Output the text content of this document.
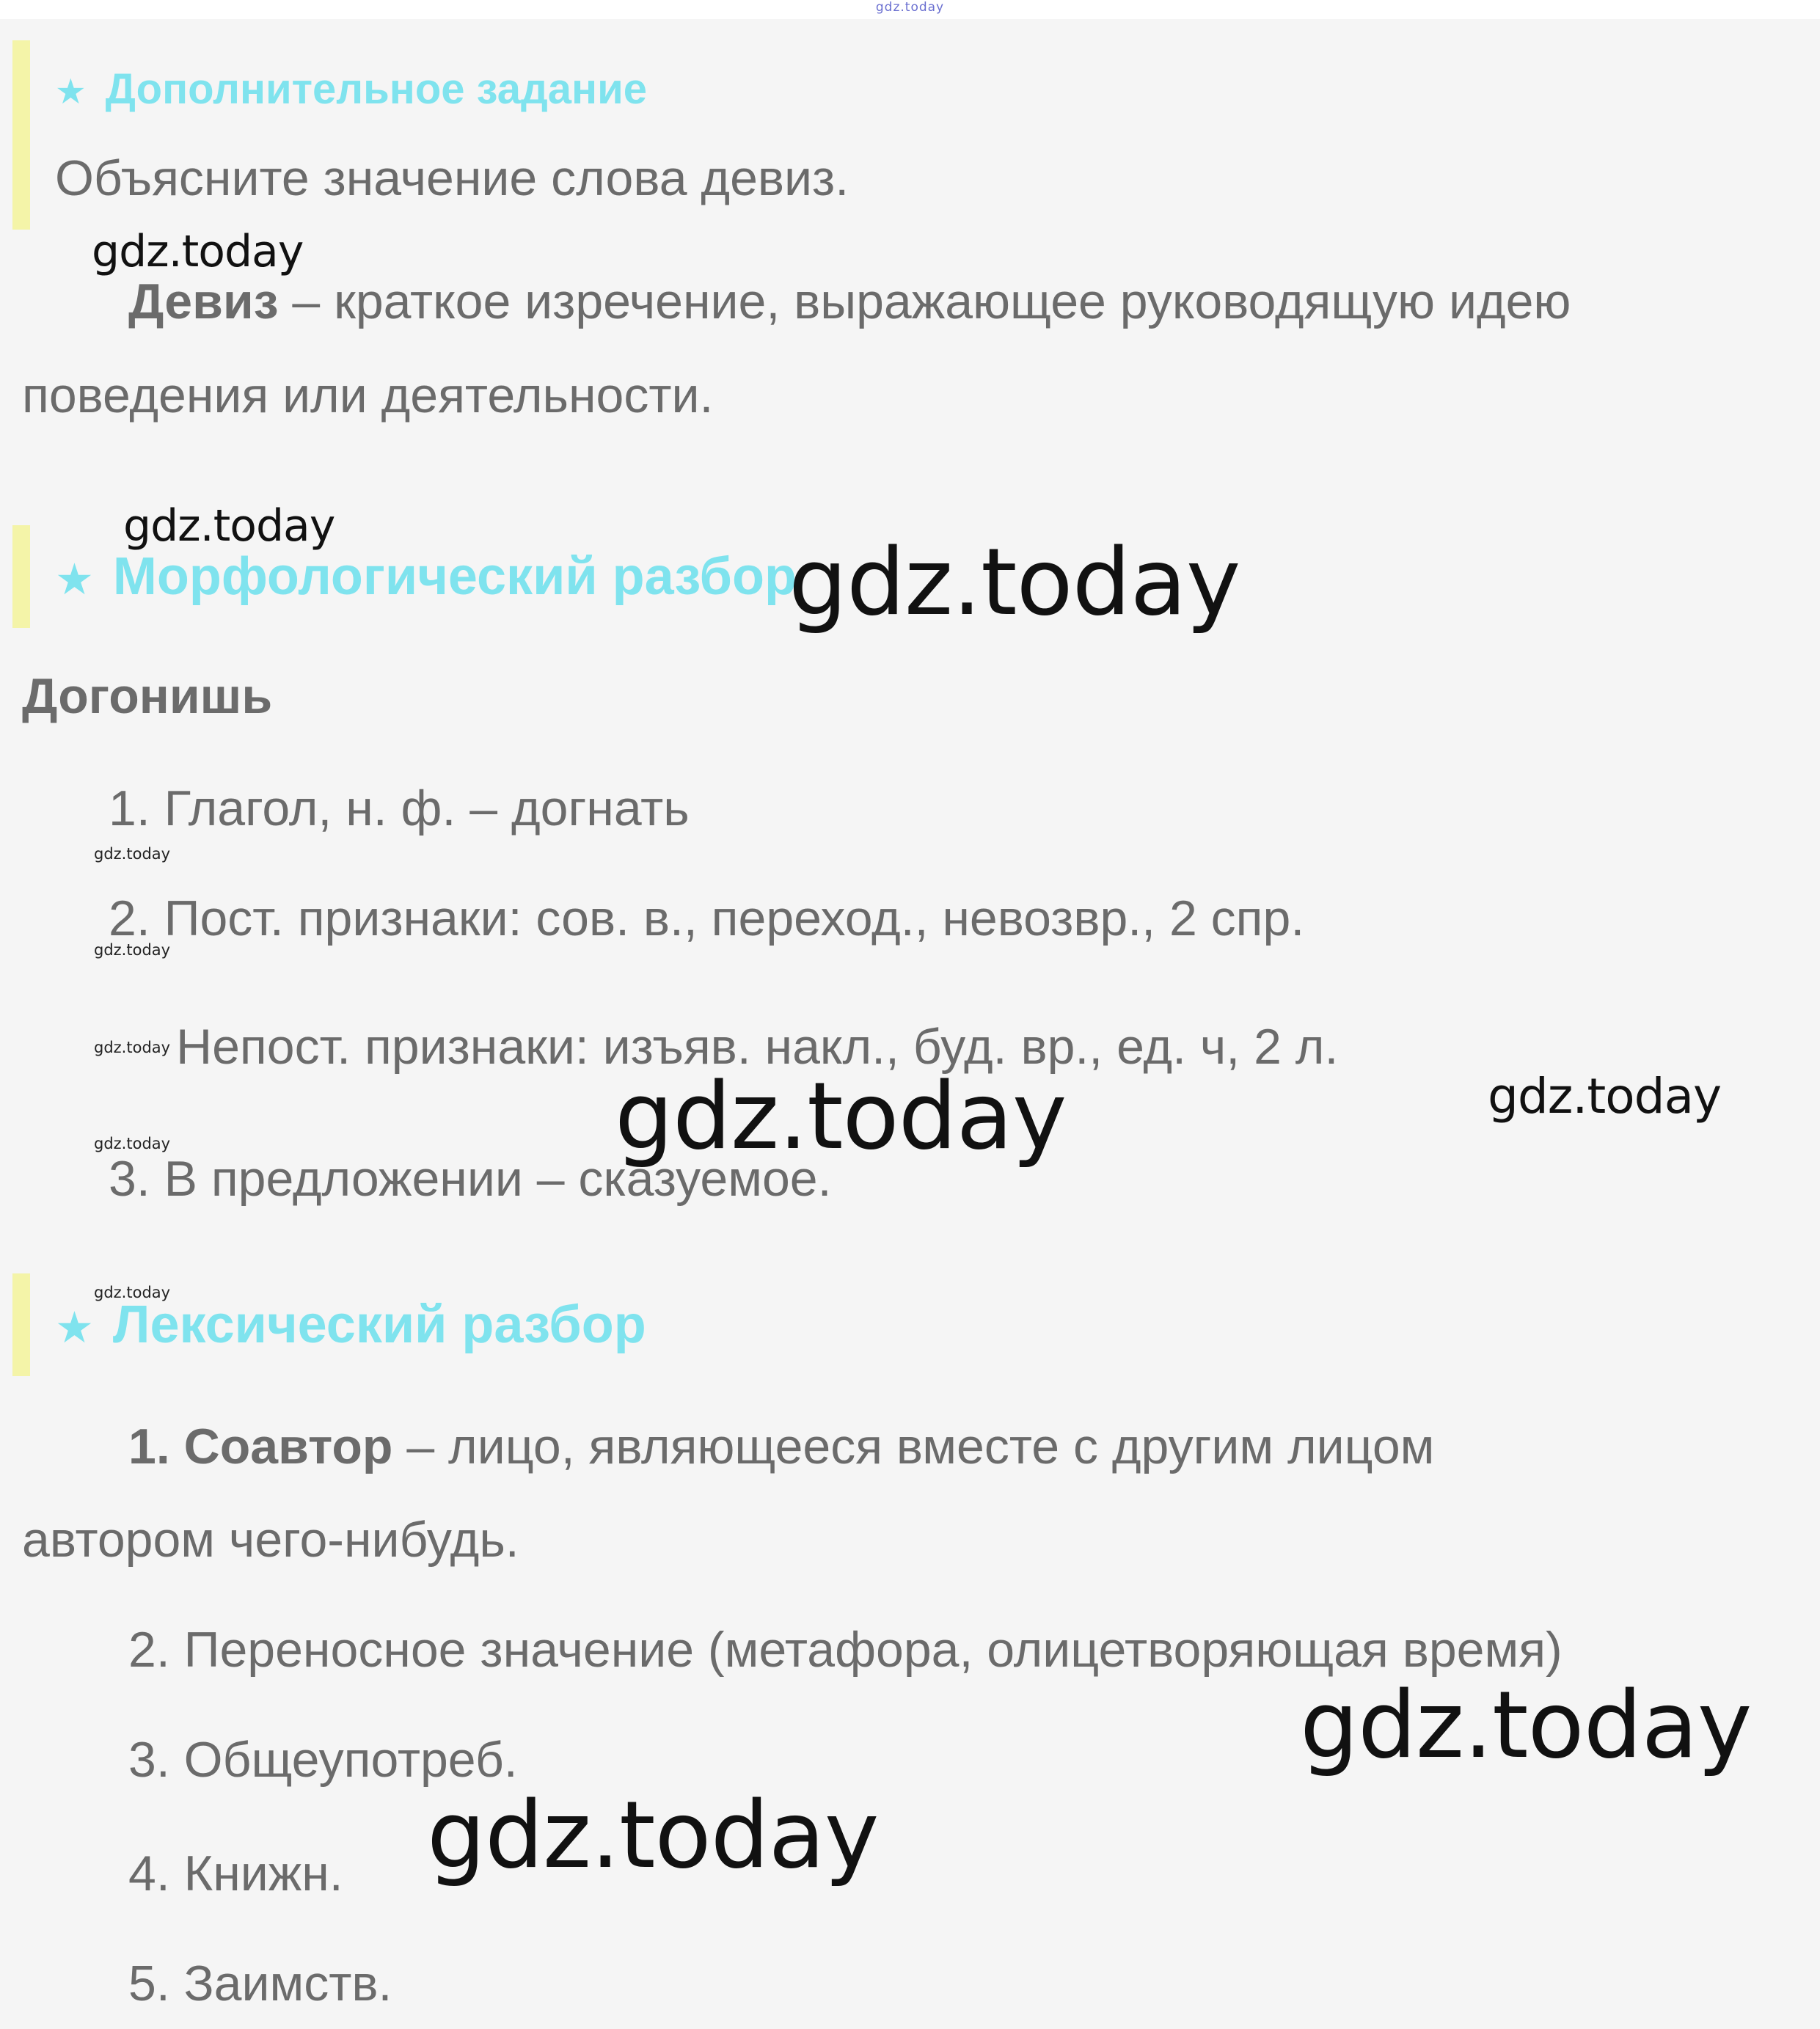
gdz.today
★ Дополнительное задание
Объясните значение слова девиз.
Девиз – краткое изречение, выражающее руководящую идею
поведения или деятельности.
★ Морфологический разбор
Догонишь
1. Глагол, н. ф. – догнать
2. Пост. признаки: сов. в., переход., невозвр., 2 спр.
Непост. признаки: изъяв. накл., буд. вр., ед. ч, 2 л.
3. В предложении – сказуемое.
★ Лексический разбор
1. Соавтор – лицо, являющееся вместе с другим лицом
автором чего-нибудь.
2. Переносное значение (метафора, олицетворяющая время)
3. Общеупотреб.
4. Книжн.
5. Заимств.
gdz.today
gdz.today
gdz.today
gdz.today
gdz.today
gdz.today
gdz.today
gdz.today
gdz.today
gdz.today
gdz.today
gdz.today
